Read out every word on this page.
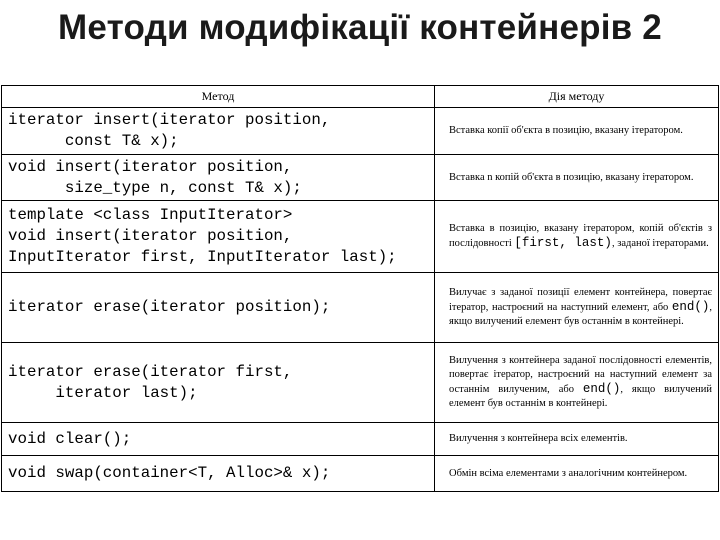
Методи модифікації контейнерів 2
Метод	Дія методу

iterator insert(iterator position,
const T& x);	Вставка копії об'єкта в позицію, вказану ітератором.

void insert(iterator position,
size_type n, const T& x);	Вставка n копій об'єкта в позицію, вказану ітератором.

template <class InputIterator>
void insert(iterator position,
InputIterator first, InputIterator last);	Вставка в позицію, вказану ітератором, копій об'єктів з послідовності [first, last), заданої ітераторами.

iterator erase(iterator position);	Вилучає з заданої позиції елемент контейнера, повертає ітератор, настроєний на наступний елемент, або end(), якщо вилучений елемент був останнім в контейнері.

iterator erase(iterator first,
iterator last);	Вилучення з контейнера заданої послідовності елементів, повертає ітератор, настроєний на наступний елемент за останнім вилученим, або end(), якщо вилучений елемент був останнім в контейнері.

void clear();	Вилучення з контейнера всіх елементів.

void swap(container<T, Alloc>& x);	Обмін всіма елементами з аналогічним контейнером.
